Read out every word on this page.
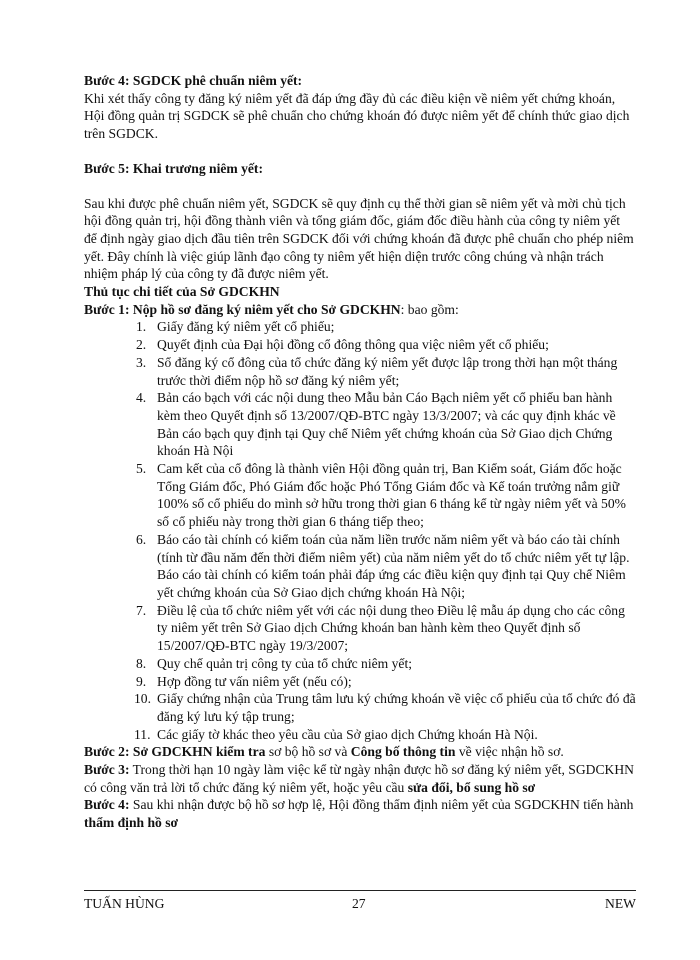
Bước 4: SGDCK phê chuẩn niêm yết:

Khi xét thấy công ty đăng ký niêm yết đã đáp ứng đầy đủ các điều kiện về niêm yết chứng khoán, Hội đồng quản trị SGDCK sẽ phê chuẩn cho chứng khoán đó được niêm yết để chính thức giao dịch trên SGDCK.

Bước 5: Khai trương niêm yết:

Sau khi được phê chuẩn niêm yết, SGDCK sẽ quy định cụ thể thời gian sẽ niêm yết và mời chủ tịch hội đồng quản trị, hội đồng thành viên và tổng giám đốc, giám đốc điều hành của công ty niêm yết để định ngày giao dịch đầu tiên trên SGDCK đối với chứng khoán đã được phê chuẩn cho phép niêm yết. Đây chính là việc giúp lãnh đạo công ty niêm yết hiện diện trước công chúng và nhận trách nhiệm pháp lý của công ty đã được niêm yết.

Thủ tục chi tiết của Sở GDCKHN

Bước 1: Nộp hồ sơ đăng ký niêm yết cho Sở GDCKHN: bao gồm:

1. Giấy đăng ký niêm yết cổ phiếu;
2. Quyết định của Đại hội đồng cổ đông thông qua việc niêm yết cổ phiếu;
3. Sổ đăng ký cổ đông của tổ chức đăng ký niêm yết được lập trong thời hạn một tháng trước thời điểm nộp hồ sơ đăng ký niêm yết;
4. Bản cáo bạch với các nội dung theo Mẫu bản Cáo Bạch niêm yết cổ phiếu ban hành kèm theo Quyết định số 13/2007/QĐ-BTC ngày 13/3/2007; và các quy định khác về Bản cáo bạch quy định tại Quy chế Niêm yết chứng khoán của Sở Giao dịch Chứng khoán Hà Nội
5. Cam kết của cổ đông là thành viên Hội đồng quản trị, Ban Kiểm soát, Giám đốc hoặc Tổng Giám đốc, Phó Giám đốc hoặc Phó Tổng Giám đốc và Kế toán trưởng nắm giữ 100% số cổ phiếu do mình sở hữu trong thời gian 6 tháng kể từ ngày niêm yết và 50% số cổ phiếu này trong thời gian 6 tháng tiếp theo;
6. Báo cáo tài chính có kiểm toán của năm liền trước năm niêm yết và báo cáo tài chính (tính từ đầu năm đến thời điểm niêm yết) của năm niêm yết do tổ chức niêm yết tự lập. Báo cáo tài chính có kiểm toán phải đáp ứng các điều kiện quy định tại Quy chế Niêm yết chứng khoán của Sở Giao dịch chứng khoán Hà Nội;
7. Điều lệ của tổ chức niêm yết với các nội dung theo Điều lệ mẫu áp dụng cho các công ty niêm yết trên Sở Giao dịch Chứng khoán ban hành kèm theo Quyết định số 15/2007/QĐ-BTC ngày 19/3/2007;
8. Quy chế quản trị công ty của tổ chức niêm yết;
9. Hợp đồng tư vấn niêm yết (nếu có);
10. Giấy chứng nhận của Trung tâm lưu ký chứng khoán về việc cổ phiếu của tổ chức đó đã đăng ký lưu ký tập trung;
11. Các giấy tờ khác theo yêu cầu của Sở giao dịch Chứng khoán Hà Nội.

Bước 2: Sở GDCKHN kiểm tra sơ bộ hồ sơ và Công bố thông tin về việc nhận hồ sơ.

Bước 3: Trong thời hạn 10 ngày làm việc kể từ ngày nhận được hồ sơ đăng ký niêm yết, SGDCKHN có công văn trả lời tổ chức đăng ký niêm yết, hoặc yêu cầu sửa đổi, bổ sung hồ sơ

Bước 4: Sau khi nhận được bộ hồ sơ hợp lệ, Hội đồng thẩm định niêm yết của SGDCKHN tiến hành thẩm định hồ sơ

TUẤN HÙNG	27	NEW
